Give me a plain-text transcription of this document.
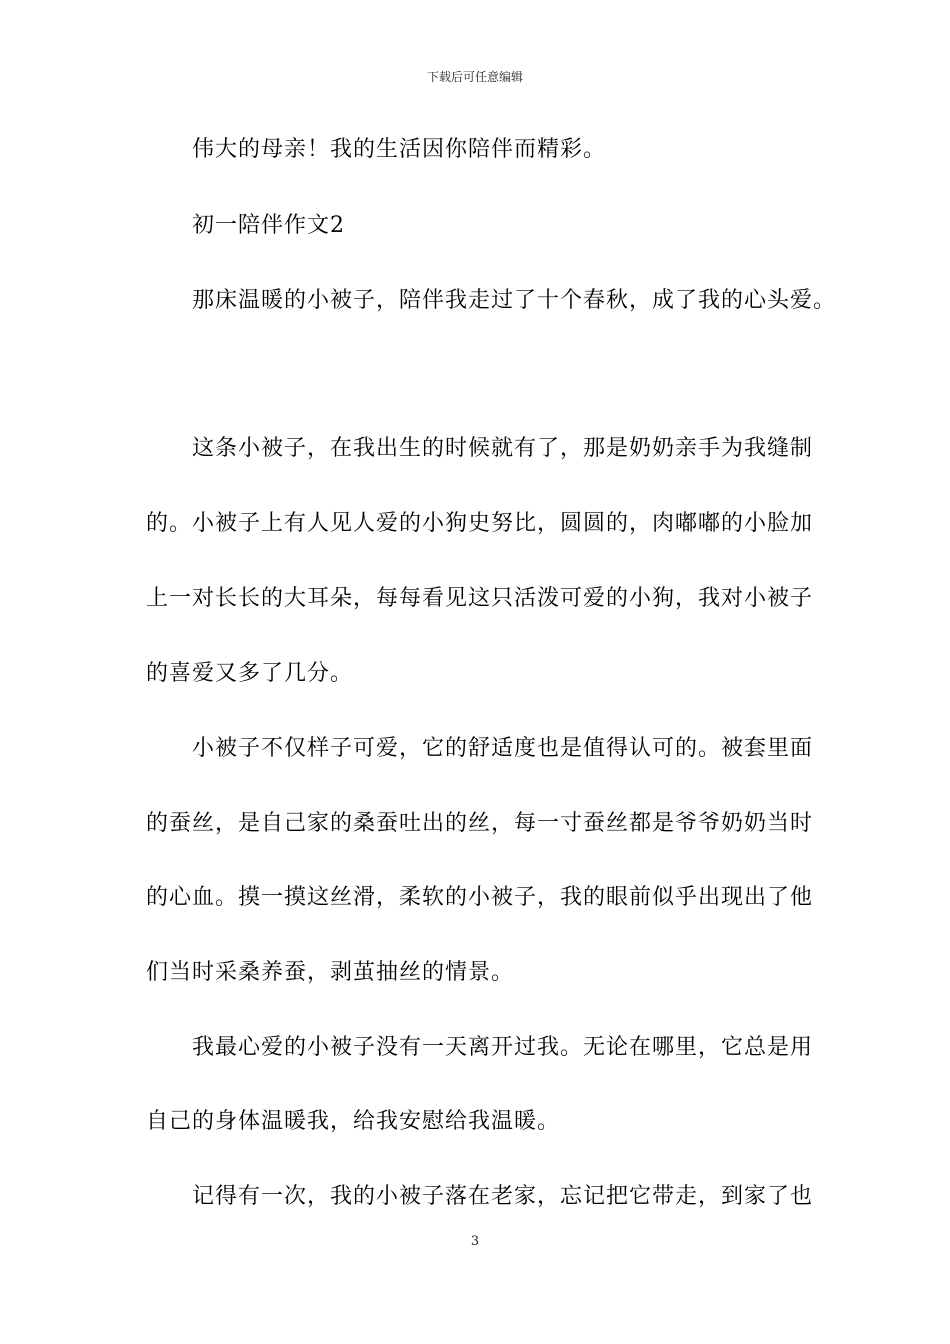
下载后可任意编辑
伟大的母亲！我的生活因你陪伴而精彩。
初一陪伴作文2
那床温暖的小被子，陪伴我走过了十个春秋，成了我的心头爱。
这条小被子，在我出生的时候就有了，那是奶奶亲手为我缝制
的。小被子上有人见人爱的小狗史努比，圆圆的，肉嘟嘟的小脸加
上一对长长的大耳朵，每每看见这只活泼可爱的小狗，我对小被子
的喜爱又多了几分。
小被子不仅样子可爱，它的舒适度也是值得认可的。被套里面
的蚕丝，是自己家的桑蚕吐出的丝，每一寸蚕丝都是爷爷奶奶当时
的心血。摸一摸这丝滑，柔软的小被子，我的眼前似乎出现出了他
们当时采桑养蚕，剥茧抽丝的情景。
我最心爱的小被子没有一天离开过我。无论在哪里，它总是用
自己的身体温暖我，给我安慰给我温暖。
记得有一次，我的小被子落在老家，忘记把它带走，到家了也
3
